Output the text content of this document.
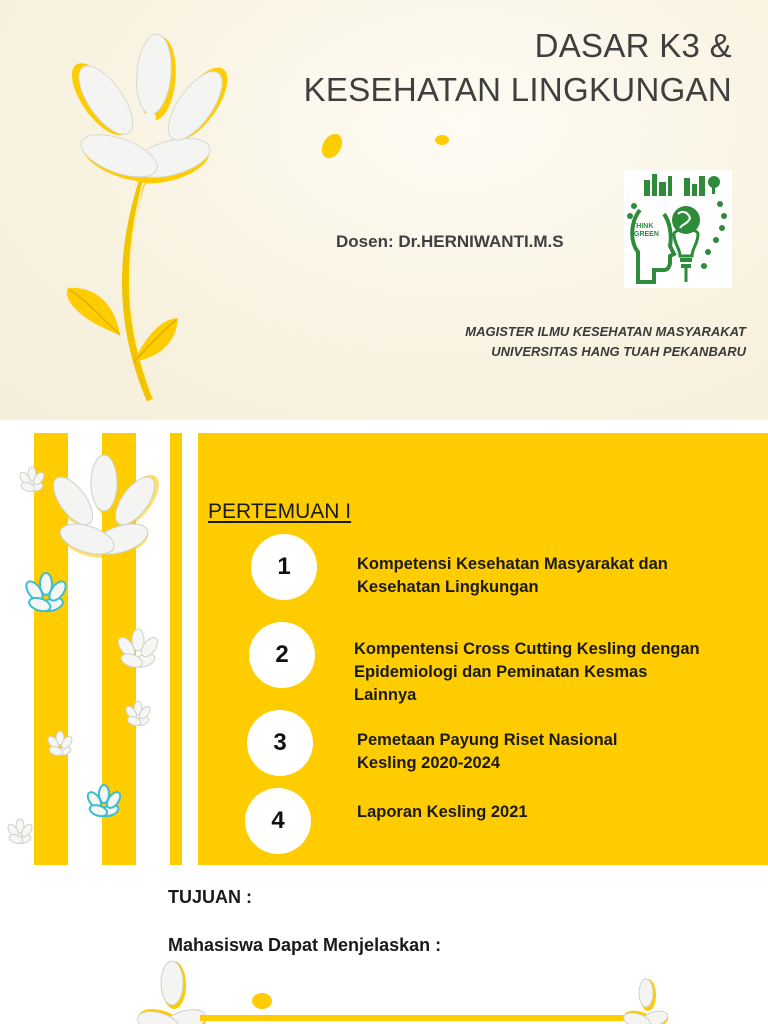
DASAR K3 &
KESEHATAN LINGKUNGAN
THINK
GREEN
Dosen: Dr.HERNIWANTI.M.S
MAGISTER ILMU KESEHATAN MASYARAKAT
UNIVERSITAS HANG TUAH PEKANBARU
PERTEMUAN I
1	Kompetensi Kesehatan Masyarakat dan Kesehatan Lingkungan
2	Kompentensi Cross Cutting Kesling dengan Epidemiologi dan Peminatan Kesmas Lainnya
3	Pemetaan Payung Riset Nasional Kesling 2020-2024
4	Laporan Kesling 2021
TUJUAN :
Mahasiswa Dapat Menjelaskan :
